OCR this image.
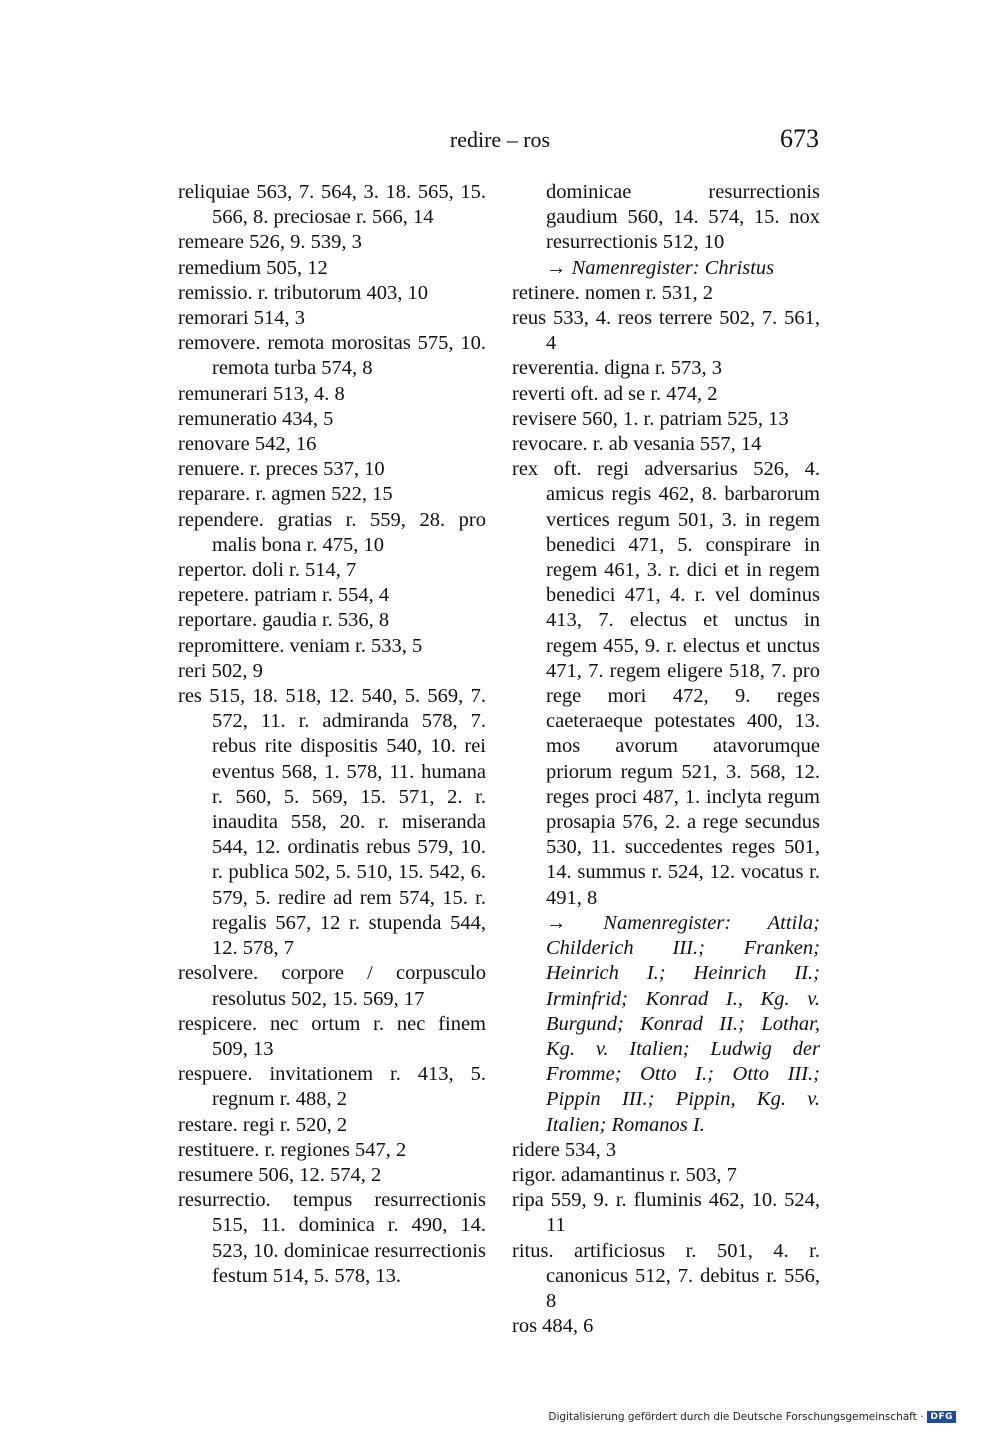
redire – ros	673

reliquiae 563, 7. 564, 3. 18. 565, 15. 566, 8. preciosae r. 566, 14

remeare 526, 9. 539, 3

remedium 505, 12

remissio. r. tributorum 403, 10

remorari 514, 3

removere. remota morositas 575, 10. remota turba 574, 8

remunerari 513, 4. 8

remuneratio 434, 5

renovare 542, 16

renuere. r. preces 537, 10

reparare. r. agmen 522, 15

rependere. gratias r. 559, 28. pro malis bona r. 475, 10

repertor. doli r. 514, 7

repetere. patriam r. 554, 4

reportare. gaudia r. 536, 8

repromittere. veniam r. 533, 5

reri 502, 9

res 515, 18. 518, 12. 540, 5. 569, 7. 572, 11. r. admiranda 578, 7. rebus rite dispositis 540, 10. rei eventus 568, 1. 578, 11. humana r. 560, 5. 569, 15. 571, 2. r. inaudita 558, 20. r. miseranda 544, 12. ordinatis rebus 579, 10. r. publica 502, 5. 510, 15. 542, 6. 579, 5. redire ad rem 574, 15. r. regalis 567, 12 r. stupenda 544, 12. 578, 7

resolvere. corpore / corpusculo resolutus 502, 15. 569, 17

respicere. nec ortum r. nec finem 509, 13

respuere. invitationem r. 413, 5. regnum r. 488, 2

restare. regi r. 520, 2

restituere. r. regiones 547, 2

resumere 506, 12. 574, 2

resurrectio. tempus resurrectionis 515, 11. dominica r. 490, 14. 523, 10. dominicae resurrectionis festum 514, 5. 578, 13.

dominicae resurrectionis gaudium 560, 14. 574, 15. nox resurrectionis 512, 10

→ Namenregister: Christus

retinere. nomen r. 531, 2

reus 533, 4. reos terrere 502, 7. 561, 4

reverentia. digna r. 573, 3

reverti oft. ad se r. 474, 2

revisere 560, 1. r. patriam 525, 13

revocare. r. ab vesania 557, 14

rex oft. regi adversarius 526, 4. amicus regis 462, 8. barbarorum vertices regum 501, 3. in regem benedici 471, 5. conspirare in regem 461, 3. r. dici et in regem benedici 471, 4. r. vel dominus 413, 7. electus et unctus in regem 455, 9. r. electus et unctus 471, 7. regem eligere 518, 7. pro rege mori 472, 9. reges caeteraeque potestates 400, 13. mos avorum atavorumque priorum regum 521, 3. 568, 12. reges proci 487, 1. inclyta regum prosapia 576, 2. a rege secundus 530, 11. succedentes reges 501, 14. summus r. 524, 12. vocatus r. 491, 8

→ Namenregister: Attila; Childerich III.; Franken; Heinrich I.; Heinrich II.; Irminfrid; Konrad I., Kg. v. Burgund; Konrad II.; Lothar, Kg. v. Italien; Ludwig der Fromme; Otto I.; Otto III.; Pippin III.; Pippin, Kg. v. Italien; Romanos I.

ridere 534, 3

rigor. adamantinus r. 503, 7

ripa 559, 9. r. fluminis 462, 10. 524, 11

ritus. artificiosus r. 501, 4. r. canonicus 512, 7. debitus r. 556, 8

ros 484, 6

Digitalisierung gefördert durch die Deutsche Forschungsgemeinschaft · DFG
